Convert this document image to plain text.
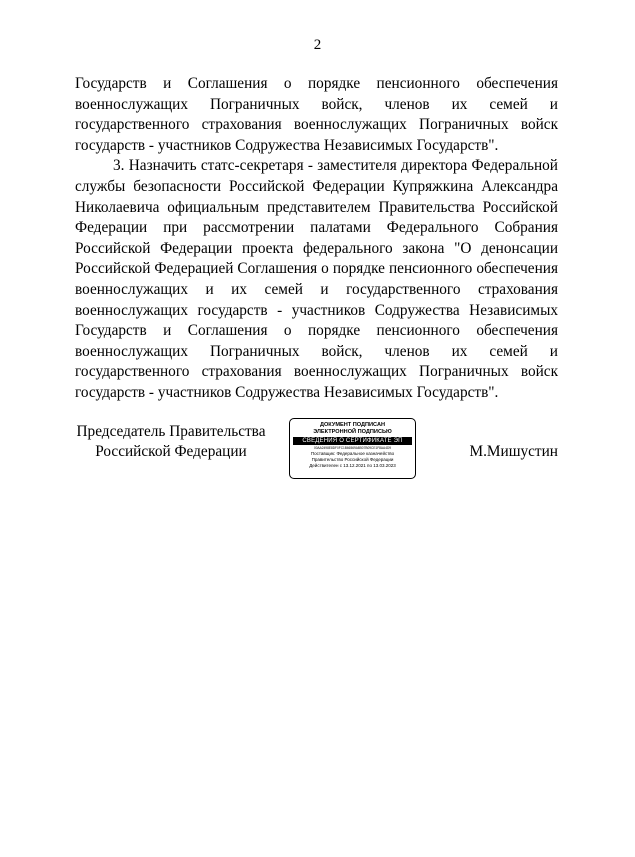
2

Государств и Соглашения о порядке пенсионного обеспечения военнослужащих Пограничных войск, членов их семей и государственного страхования военнослужащих Пограничных войск государств - участников Содружества Независимых Государств".

3. Назначить статс-секретаря - заместителя директора Федеральной службы безопасности Российской Федерации Купряжкина Александра Николаевича официальным представителем Правительства Российской Федерации при рассмотрении палатами Федерального Собрания Российской Федерации проекта федерального закона "О денонсации Российской Федерацией Соглашения о порядке пенсионного обеспечения военнослужащих и их семей и государственного страхования военнослужащих государств - участников Содружества Независимых Государств и Соглашения о порядке пенсионного обеспечения военнослужащих Пограничных войск, членов их семей и государственного страхования военнослужащих Пограничных войск государств - участников Содружества Независимых Государств".

Председатель Правительства
Российской Федерации
ДОКУМЕНТ ПОДПИСАН
ЭЛЕКТРОННОЙ ПОДПИСЬЮ
СВЕДЕНИЯ О СЕРТИФИКАТЕ ЭП
00AA2498E8DF0FC1B66569AB507B09CE1F8AA4D9
Поставщик: Федеральное казначейство
Правительство Российской Федерации
Действителен с 13.12.2021 по 13.03.2023
М.Мишустин
